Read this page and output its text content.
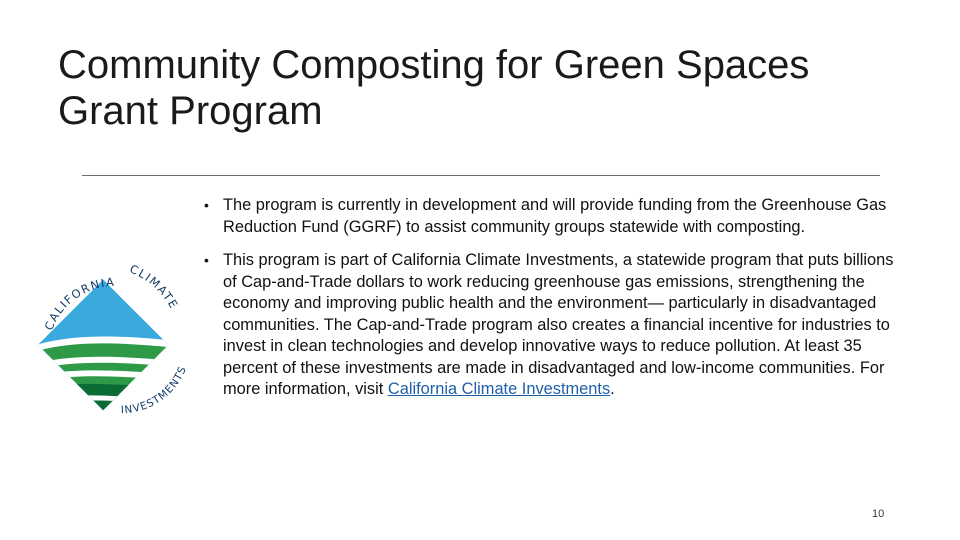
Community Composting for Green Spaces Grant Program
CALIFORNIA
CLIMATE
INVESTMENTS
• The program is currently in development and will provide funding from the Greenhouse Gas Reduction Fund (GGRF) to assist community groups statewide with composting.
• This program is part of California Climate Investments, a statewide program that puts billions of Cap-and-Trade dollars to work reducing greenhouse gas emissions, strengthening the economy and improving public health and the environment— particularly in disadvantaged communities. The Cap-and-Trade program also creates a financial incentive for industries to invest in clean technologies and develop innovative ways to reduce pollution. At least 35 percent of these investments are made in disadvantaged and low-income communities. For more information, visit California Climate Investments.
10
